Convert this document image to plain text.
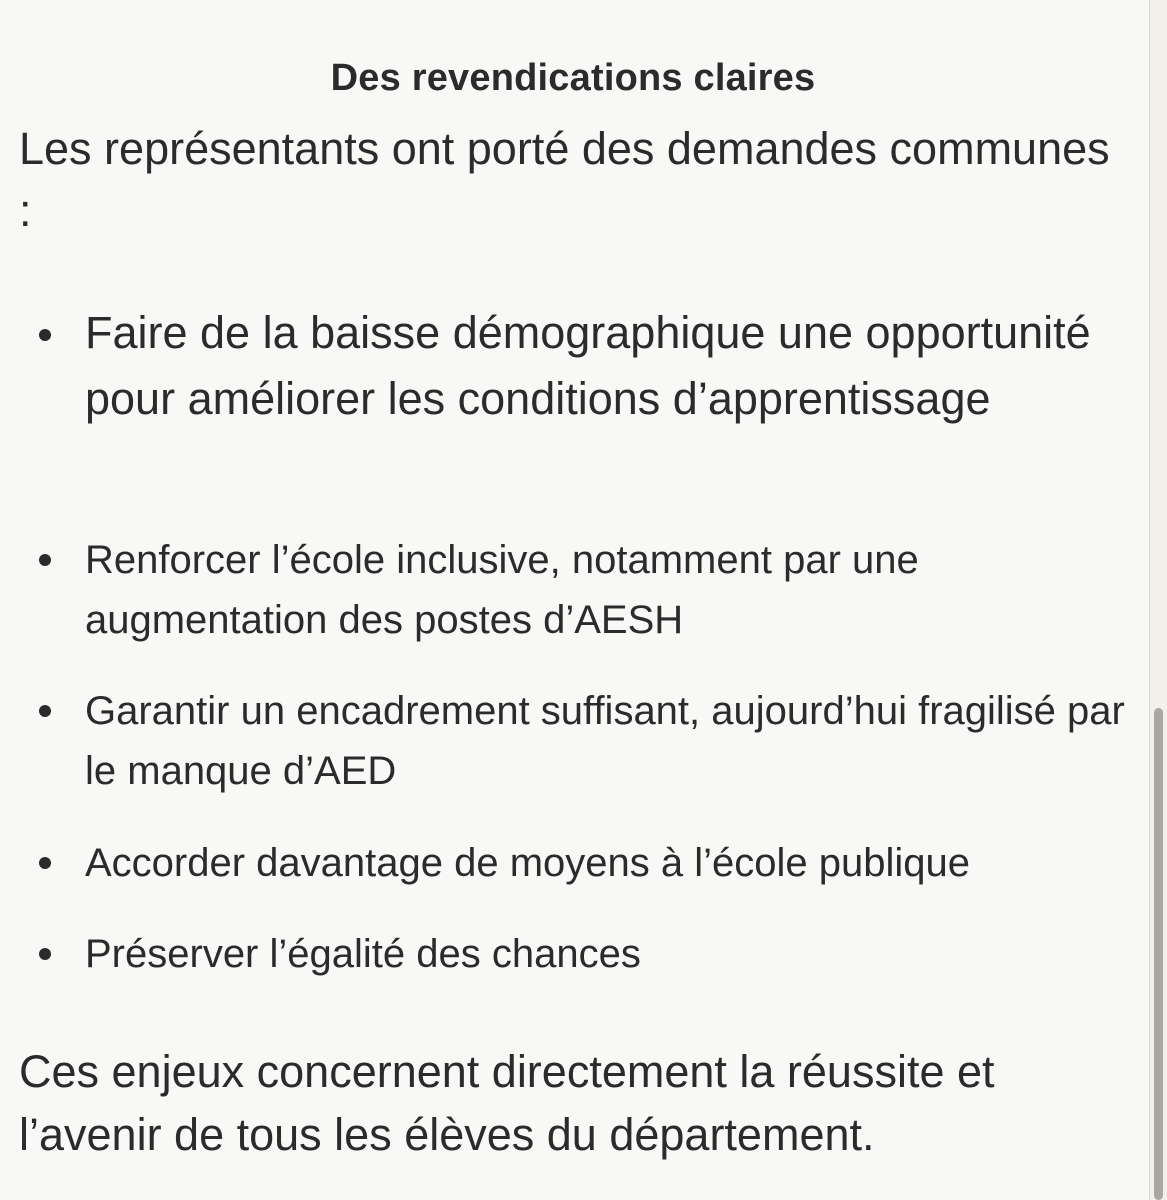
Des revendications claires

Les représentants ont porté des demandes communes :

Faire de la baisse démographique une opportunité pour améliorer les conditions d’apprentissage
Renforcer l’école inclusive, notamment par une augmentation des postes d’AESH
Garantir un encadrement suffisant, aujourd’hui fragilisé par le manque d’AED
Accorder davantage de moyens à l’école publique
Préserver l’égalité des chances

Ces enjeux concernent directement la réussite et l’avenir de tous les élèves du département.
